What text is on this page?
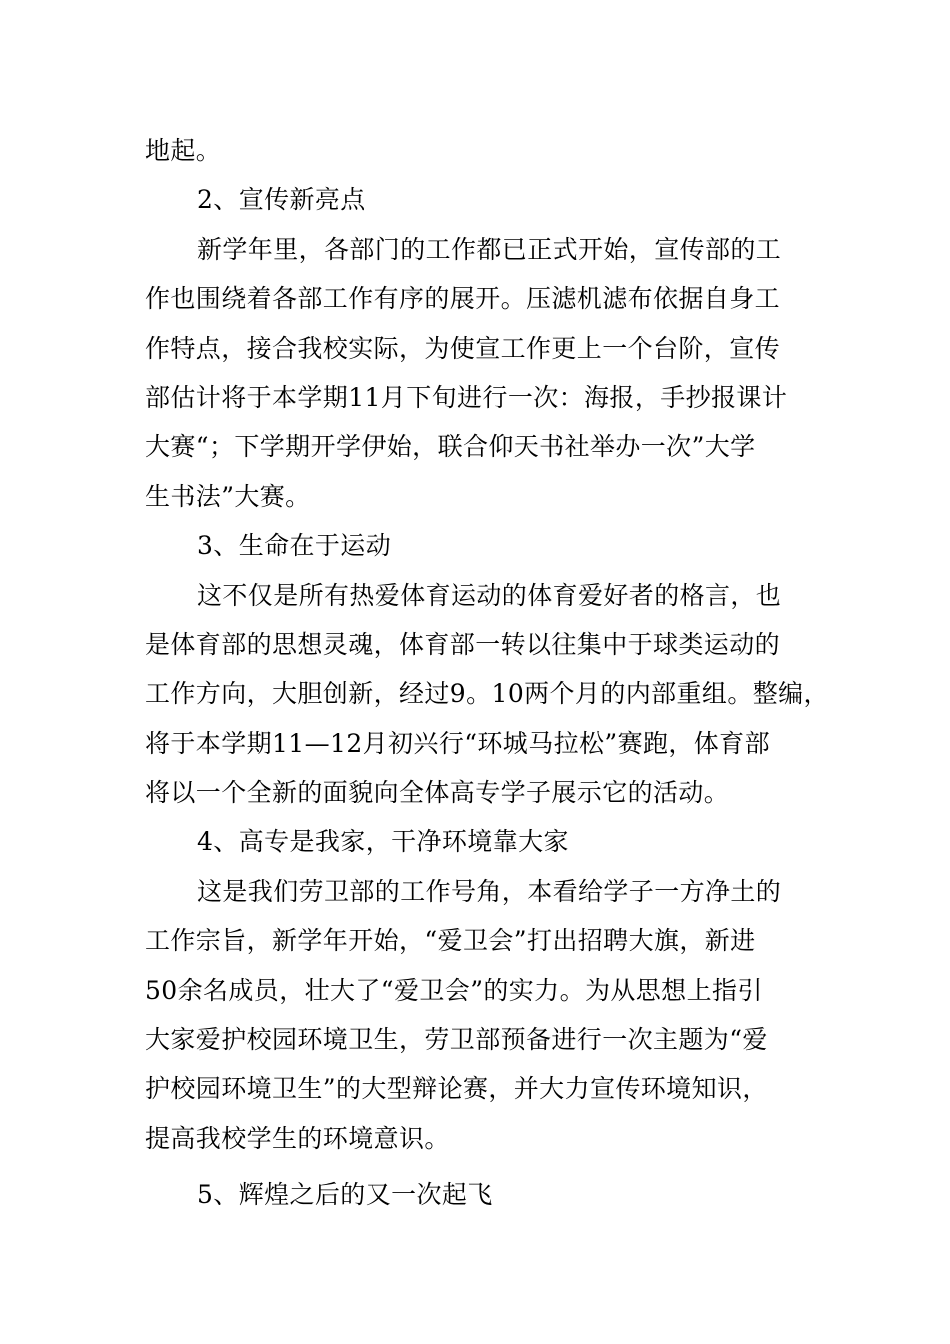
地起。
2、宣传新亮点
新学年里，各部门的工作都已正式开始，宣传部的工
作也围绕着各部工作有序的展开。压滤机滤布依据自身工
作特点，接合我校实际，为使宣工作更上一个台阶，宣传
部估计将于本学期11月下旬进行一次：海报，手抄报课计
大赛“；下学期开学伊始，联合仰天书社举办一次”大学
生书法”大赛。
3、生命在于运动
这不仅是所有热爱体育运动的体育爱好者的格言，也
是体育部的思想灵魂，体育部一转以往集中于球类运动的
工作方向，大胆创新，经过9。10两个月的内部重组。整编，
将于本学期11—12月初兴行“环城马拉松”赛跑，体育部
将以一个全新的面貌向全体高专学子展示它的活动。
4、高专是我家，干净环境靠大家
这是我们劳卫部的工作号角，本看给学子一方净土的
工作宗旨，新学年开始，“爱卫会”打出招聘大旗，新进
50余名成员，壮大了“爱卫会”的实力。为从思想上指引
大家爱护校园环境卫生，劳卫部预备进行一次主题为“爱
护校园环境卫生”的大型辩论赛，并大力宣传环境知识，
提高我校学生的环境意识。
5、辉煌之后的又一次起飞
